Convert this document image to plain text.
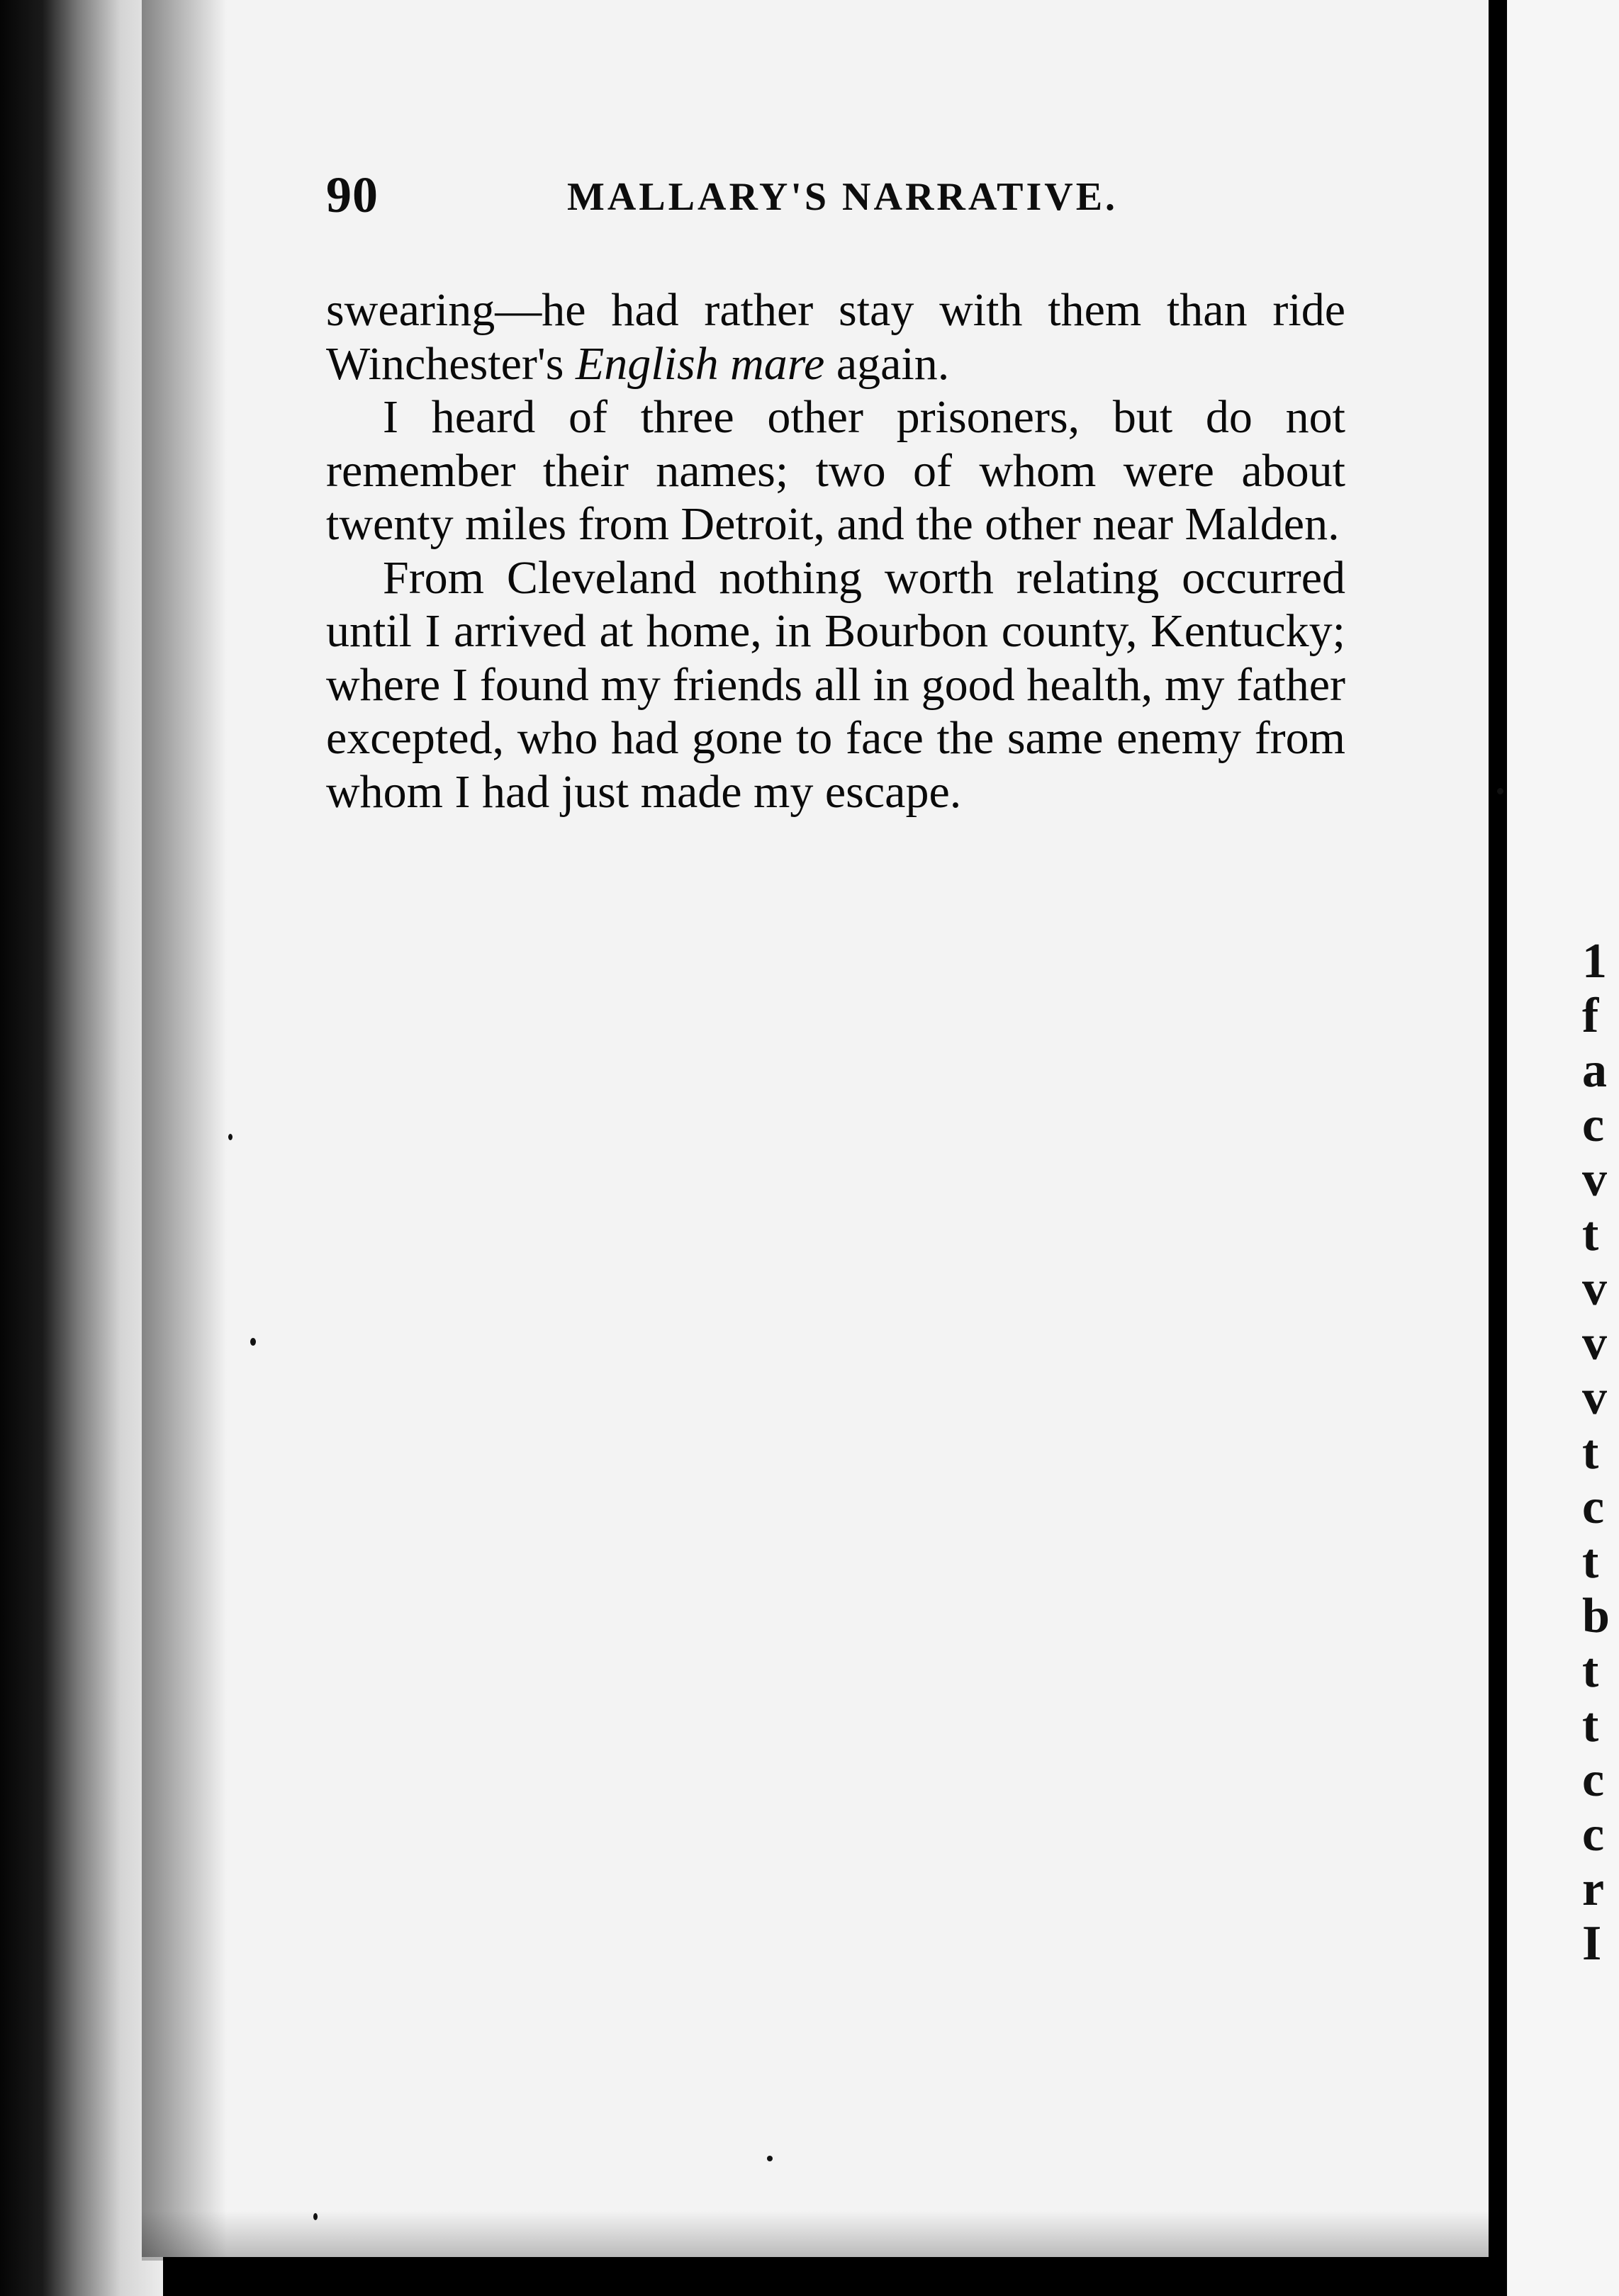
1
f
a
c
v
t
v
v
v
t
c
t
b
t
t
c
c
r
I
90	MALLARY'S NARRATIVE.

swearing—he had rather stay with them than ride Winchester's English mare again.

I heard of three other prisoners, but do not remember their names; two of whom were about twenty miles from Detroit, and the other near Malden.

From Cleveland nothing worth relating occurred until I arrived at home, in Bourbon county, Kentucky; where I found my friends all in good health, my father excepted, who had gone to face the same enemy from whom I had just made my escape.
